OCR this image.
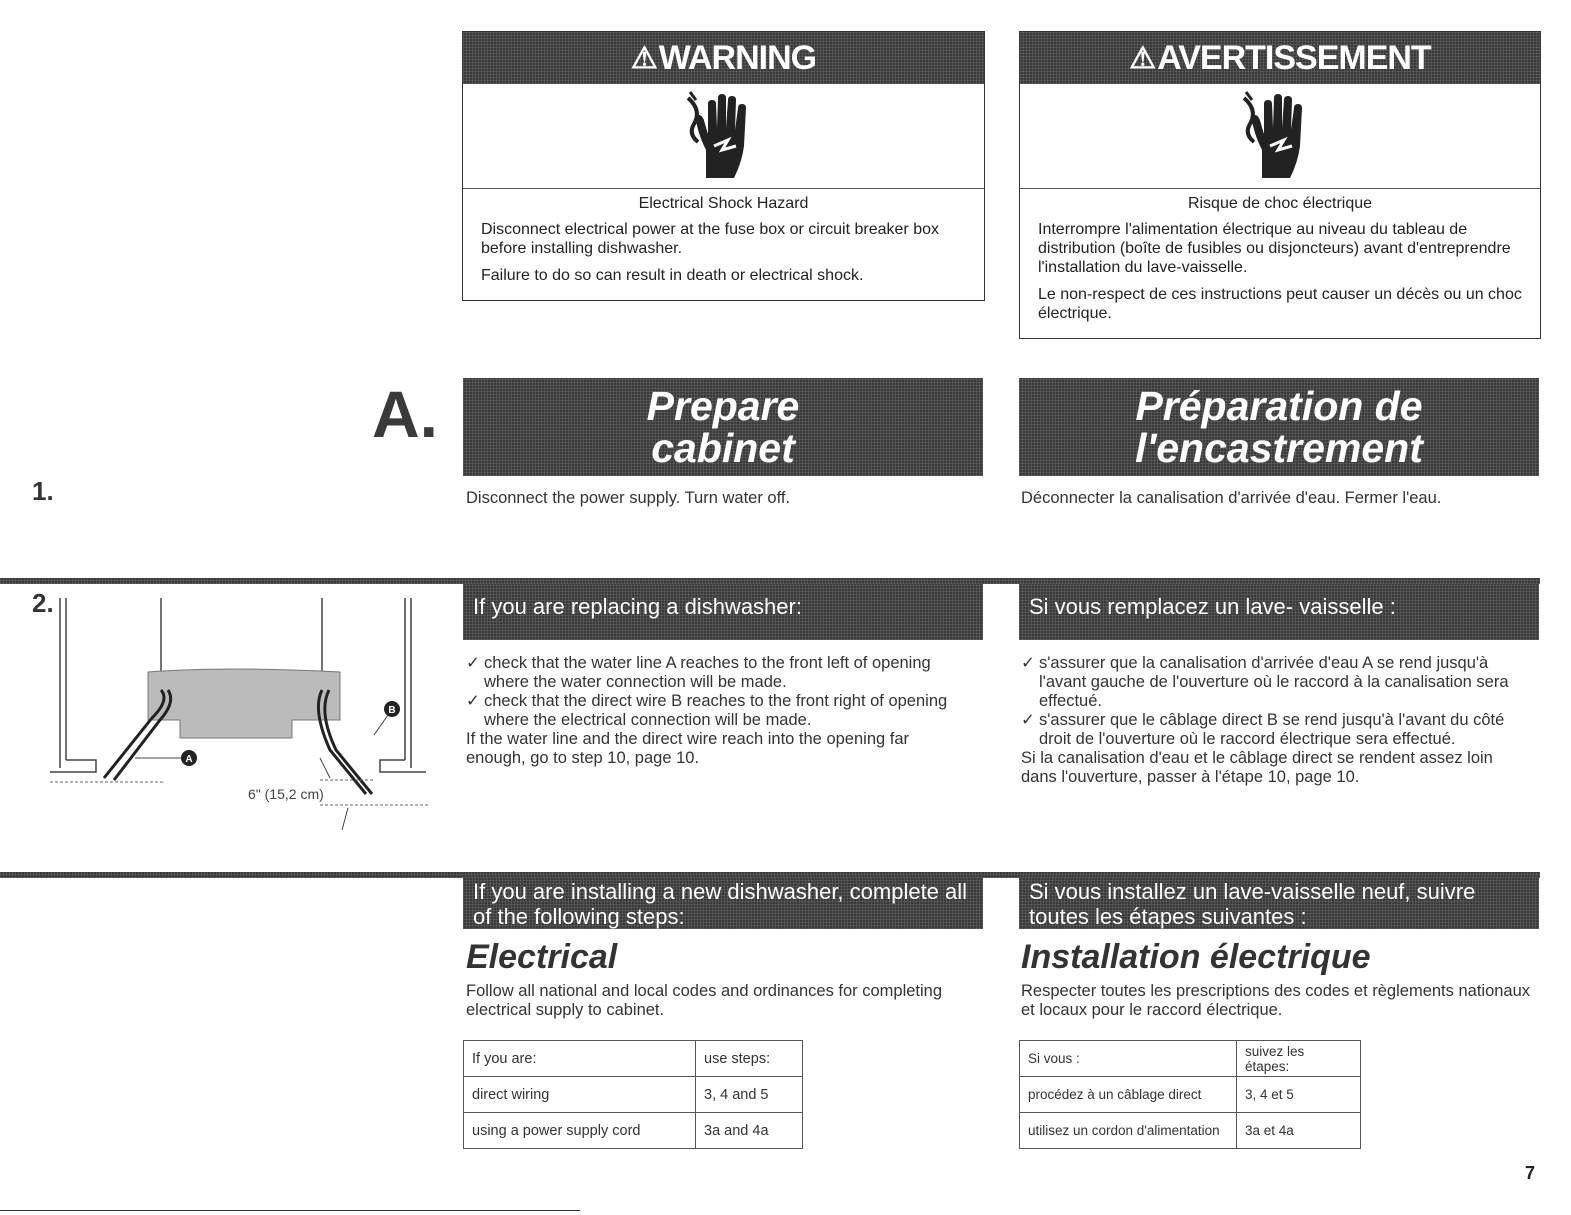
⚠ WARNING
Electrical Shock Hazard
Disconnect electrical power at the fuse box or circuit breaker box before installing dishwasher.
Failure to do so can result in death or electrical shock.
⚠ AVERTISSEMENT
Risque de choc électrique
Interrompre l'alimentation électrique au niveau du tableau de distribution (boîte de fusibles ou disjoncteurs) avant d'entreprendre l'installation du lave-vaisselle.
Le non-respect de ces instructions peut causer un décès ou un choc électrique.
A.	Prepare cabinet
Préparation de l'encastrement
1.	Disconnect the power supply. Turn water off.	Déconnecter la canalisation d'arrivée d'eau. Fermer l'eau.
2.
A
B
6" (15,2 cm)
If you are replacing a dishwasher:	Si vous remplacez un lave- vaisselle :
✓ check that the water line A reaches to the front left of opening where the water connection will be made.
✓ check that the direct wire B reaches to the front right of opening where the electrical connection will be made.
If the water line and the direct wire reach into the opening far enough, go to step 10, page 10.
✓ s'assurer que la canalisation d'arrivée d'eau A se rend jusqu'à l'avant gauche de l'ouverture où le raccord à la canalisation sera effectué.
✓ s'assurer que le câblage direct B se rend jusqu'à l'avant du côté droit de l'ouverture où le raccord électrique sera effectué.
Si la canalisation d'eau et le câblage direct se rendent assez loin dans l'ouverture, passer à l'étape 10, page 10.
If you are installing a new dishwasher, complete all of the following steps:
Si vous installez un lave-vaisselle neuf, suivre toutes les étapes suivantes :
Electrical	Installation électrique
Follow all national and local codes and ordinances for completing electrical supply to cabinet.
Respecter toutes les prescriptions des codes et règlements nationaux et locaux pour le raccord électrique.
If you are:	use steps:
direct wiring	3, 4 and 5
using a power supply cord	3a and 4a
Si vous :	suivez les étapes:
procédez à un câblage direct	3, 4 et 5
utilisez un cordon d'alimentation	3a et 4a
7
